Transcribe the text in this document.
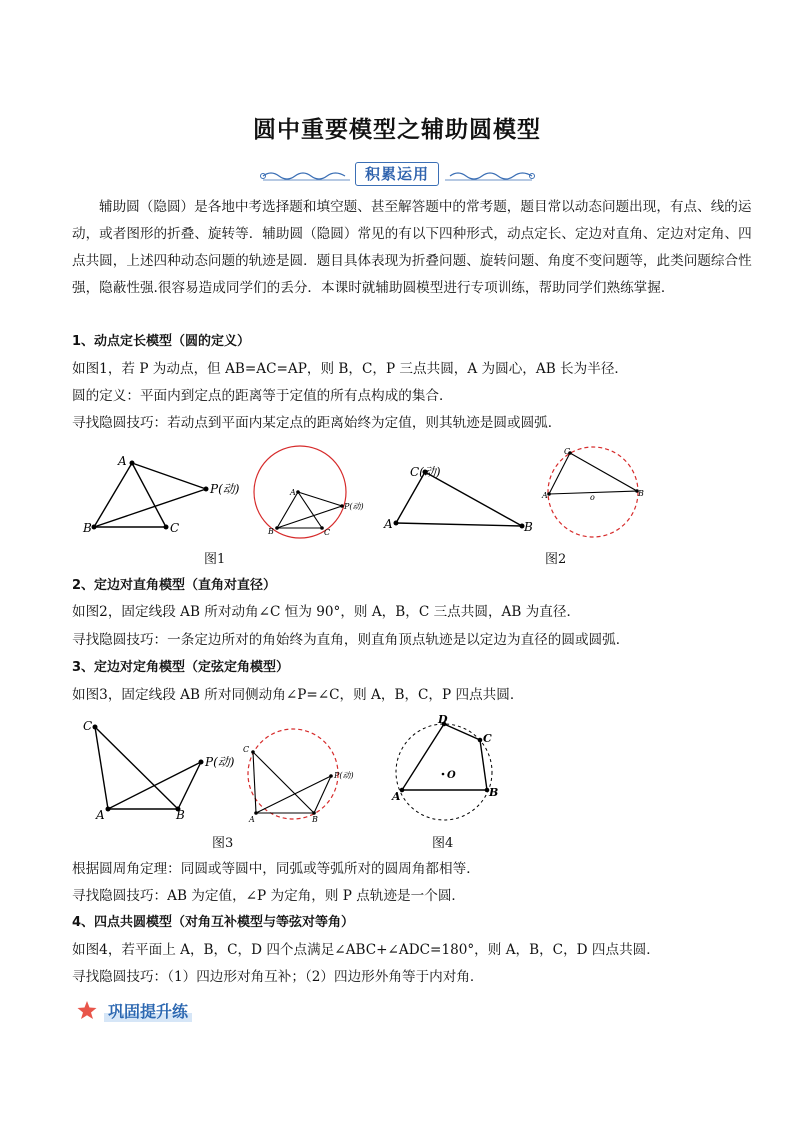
圆中重要模型之辅助圆模型
积累运用

辅助圆（隐圆）是各地中考选择题和填空题、甚至解答题中的常考题，题目常以动态问题出现，有点、线的运动，或者图形的折叠、旋转等．辅助圆（隐圆）常见的有以下四种形式，动点定长、定边对直角、定边对定角、四点共圆，上述四种动态问题的轨迹是圆．题目具体表现为折叠问题、旋转问题、角度不变问题等，此类问题综合性强，隐蔽性强.很容易造成同学们的丢分．本课时就辅助圆模型进行专项训练，帮助同学们熟练掌握．

1、动点定长模型（圆的定义）

如图1，若 P 为动点，但 AB=AC=AP，则 B，C，P 三点共圆，A 为圆心，AB 长为半径．

圆的定义：平面内到定点的距离等于定值的所有点构成的集合．

寻找隐圆技巧：若动点到平面内某定点的距离始终为定值，则其轨迹是圆或圆弧．

A
B	C
P(动)	A
B	C
P(动)
C(动)
A	B
C
A	B
o
图1	图2

2、定边对直角模型（直角对直径）

如图2，固定线段 AB 所对动角∠C 恒为 90°，则 A，B，C 三点共圆，AB 为直径．

寻找隐圆技巧：一条定边所对的角始终为直角，则直角顶点轨迹是以定边为直径的圆或圆弧．

3、定边对定角模型（定弦定角模型）

如图3，固定线段 AB 所对同侧动角∠P=∠C，则 A，B，C，P 四点共圆．

C
A	B
P(动)
C
A	B
P(动)
D
C
B
A
O
图3	图4

根据圆周角定理：同圆或等圆中，同弧或等弧所对的圆周角都相等．

寻找隐圆技巧：AB 为定值，∠P 为定角，则 P 点轨迹是一个圆．

4、四点共圆模型（对角互补模型与等弦对等角）

如图4，若平面上 A，B，C，D 四个点满足∠ABC+∠ADC=180°，则 A，B，C，D 四点共圆．

寻找隐圆技巧：（1）四边形对角互补；（2）四边形外角等于内对角．

巩固提升练
